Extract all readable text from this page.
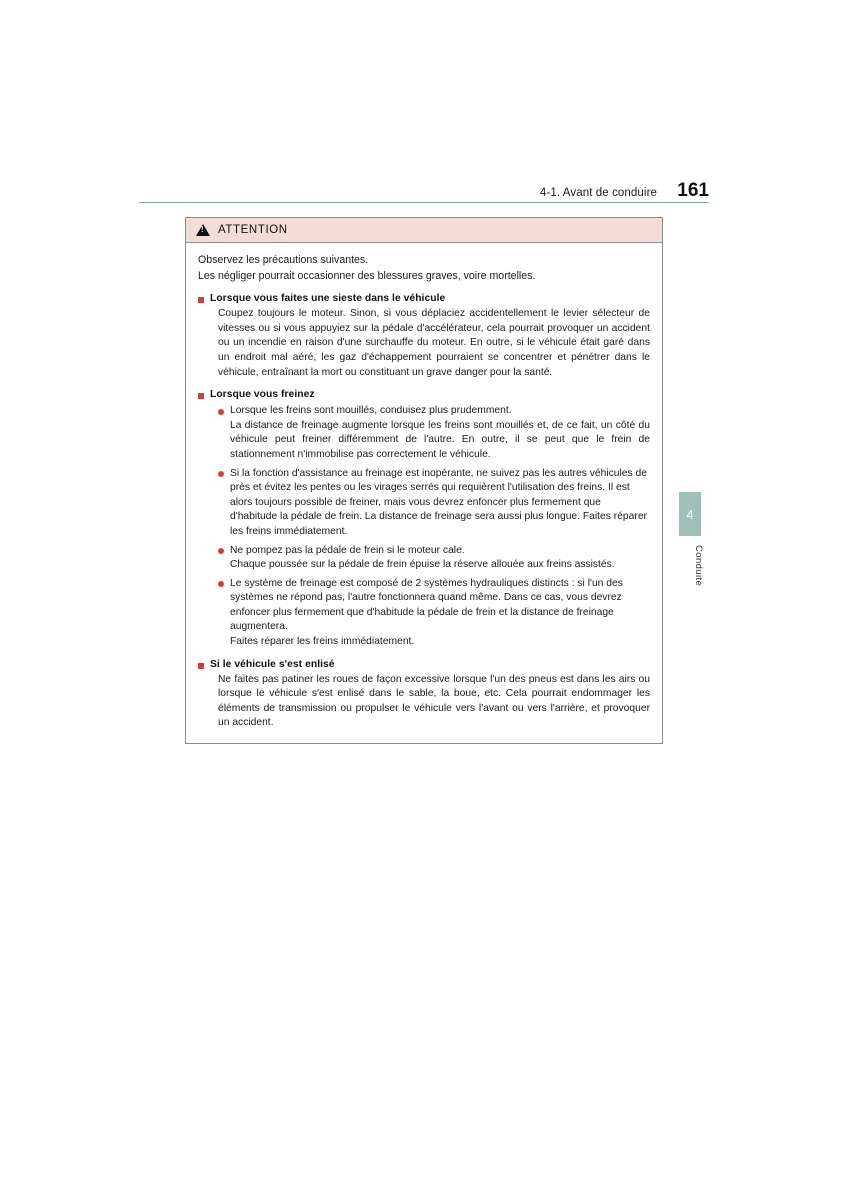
4-1. Avant de conduire 161
4
Conduite
!
ATTENTION
Observez les précautions suivantes.
Les négliger pourrait occasionner des blessures graves, voire mortelles.
Lorsque vous faites une sieste dans le véhicule
Coupez toujours le moteur. Sinon, si vous déplaciez accidentellement le levier sélecteur de vitesses ou si vous appuyiez sur la pédale d'accélérateur, cela pourrait provoquer un accident ou un incendie en raison d'une surchauffe du moteur. En outre, si le véhicule était garé dans un endroit mal aéré, les gaz d'échappement pourraient se concentrer et pénétrer dans le véhicule, entraînant la mort ou constituant un grave danger pour la santé.
Lorsque vous freinez
Lorsque les freins sont mouillés, conduisez plus prudemment.
La distance de freinage augmente lorsque les freins sont mouillés et, de ce fait, un côté du véhicule peut freiner différemment de l'autre. En outre, il se peut que le frein de stationnement n'immobilise pas correctement le véhicule.
Si la fonction d'assistance au freinage est inopérante, ne suivez pas les autres véhicules de près et évitez les pentes ou les virages serrés qui requièrent l'utilisation des freins. Il est alors toujours possible de freiner, mais vous devrez enfoncer plus fermement que d'habitude la pédale de frein. La distance de freinage sera aussi plus longue. Faites réparer les freins immédiatement.
Ne pompez pas la pédale de frein si le moteur cale.
Chaque poussée sur la pédale de frein épuise la réserve allouée aux freins assistés.
Le système de freinage est composé de 2 systèmes hydrauliques distincts : si l'un des systèmes ne répond pas, l'autre fonctionnera quand même. Dans ce cas, vous devrez enfoncer plus fermement que d'habitude la pédale de frein et la distance de freinage augmentera.
Faites réparer les freins immédiatement.
Si le véhicule s'est enlisé
Ne faites pas patiner les roues de façon excessive lorsque l'un des pneus est dans les airs ou lorsque le véhicule s'est enlisé dans le sable, la boue, etc. Cela pourrait endommager les éléments de transmission ou propulser le véhicule vers l'avant ou vers l'arrière, et provoquer un accident.
